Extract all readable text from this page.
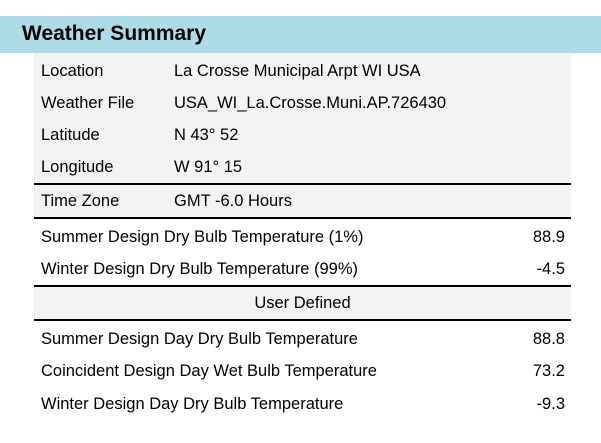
Weather Summary
Location	La Crosse Municipal Arpt WI USA
Weather File USA_WI_La.Crosse.Muni.AP.726430
Latitude	N 43° 52
Longitude	W 91° 15
Time Zone	GMT -6.0 Hours
Summer Design Dry Bulb Temperature (1%)	88.9
Winter Design Dry Bulb Temperature (99%)	-4.5
User Defined
Summer Design Day Dry Bulb Temperature	88.8
Coincident Design Day Wet Bulb Temperature	73.2
Winter Design Day Dry Bulb Temperature	-9.3
